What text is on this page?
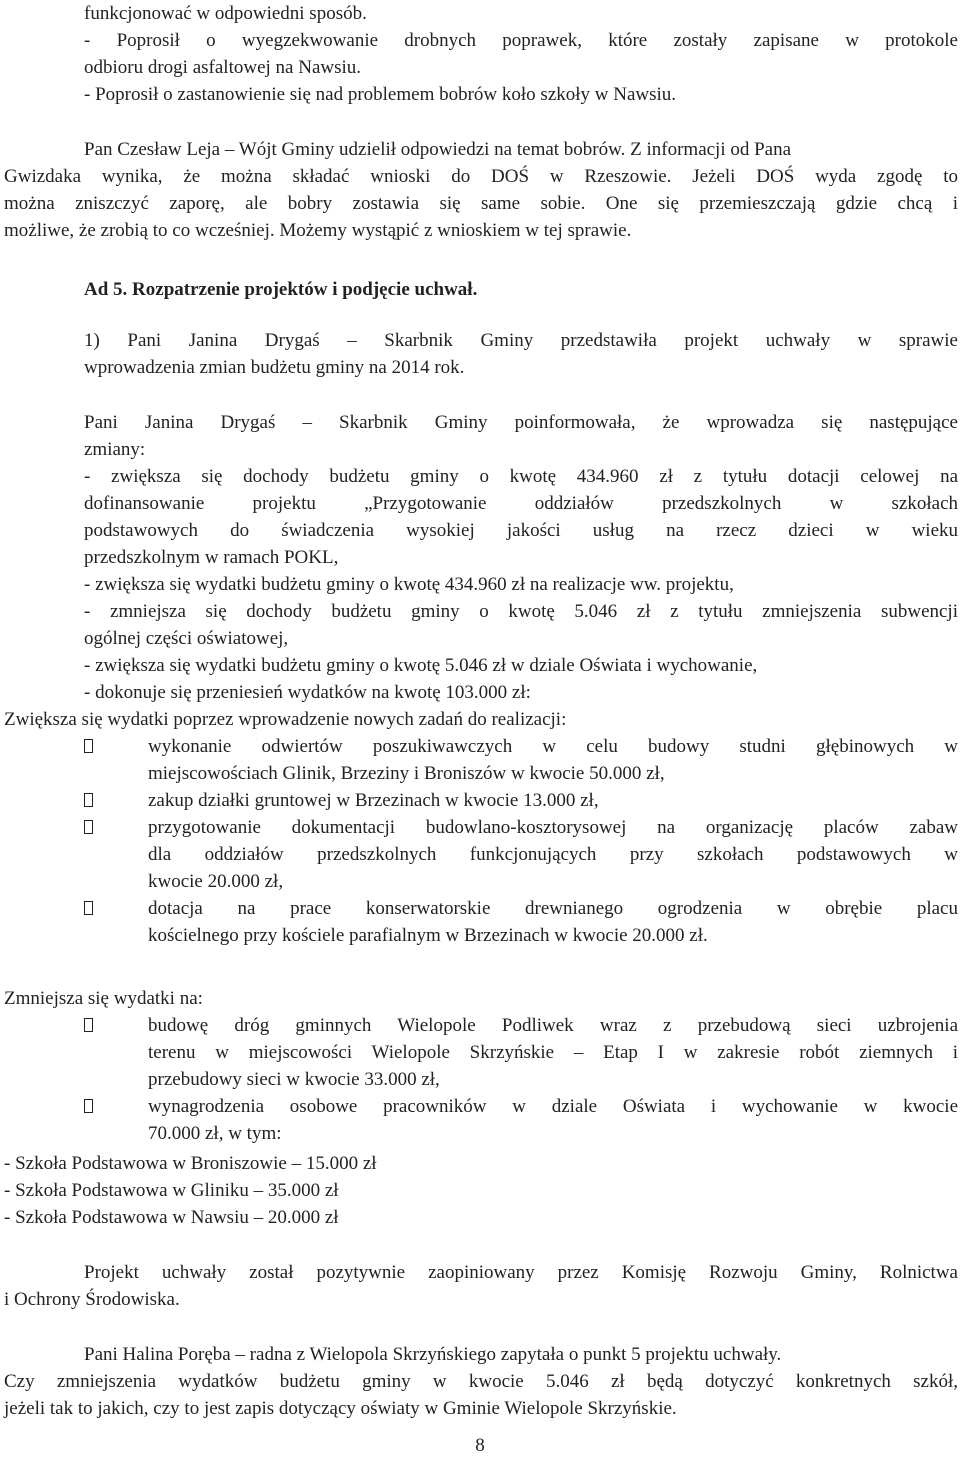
funkcjonować w odpowiedni sposób.
- Poprosił o wyegzekwowanie drobnych poprawek, które zostały zapisane w protokole
odbioru drogi asfaltowej na Nawsiu.
- Poprosił o zastanowienie się nad problemem bobrów koło szkoły w Nawsiu.
Pan Czesław Leja – Wójt Gminy udzielił odpowiedzi na temat bobrów. Z informacji od Pana
Gwizdaka wynika, że można składać wnioski do DOŚ w Rzeszowie. Jeżeli DOŚ wyda zgodę to
można zniszczyć zaporę, ale bobry zostawia się same sobie. One się przemieszczają gdzie chcą i
możliwe, że zrobią to co wcześniej. Możemy wystąpić z wnioskiem w tej sprawie.
Ad 5. Rozpatrzenie projektów i podjęcie uchwał.
1) Pani Janina Drygaś – Skarbnik Gminy przedstawiła projekt uchwały w sprawie
wprowadzenia zmian budżetu gminy na 2014 rok.
Pani Janina Drygaś – Skarbnik Gminy poinformowała, że wprowadza się następujące
zmiany:
- zwiększa się dochody budżetu gminy o kwotę 434.960 zł z tytułu dotacji celowej na
dofinansowanie projektu „Przygotowanie oddziałów przedszkolnych w szkołach
podstawowych do świadczenia wysokiej jakości usług na rzecz dzieci w wieku
przedszkolnym w ramach POKL,
- zwiększa się wydatki budżetu gminy o kwotę 434.960 zł na realizacje ww. projektu,
- zmniejsza się dochody budżetu gminy o kwotę 5.046 zł z tytułu zmniejszenia subwencji
ogólnej części oświatowej,
- zwiększa się wydatki budżetu gminy o kwotę 5.046 zł w dziale Oświata i wychowanie,
- dokonuje się przeniesień wydatków na kwotę 103.000 zł:
Zwiększa się wydatki poprzez wprowadzenie nowych zadań do realizacji:
wykonanie odwiertów poszukiwawczych w celu budowy studni głębinowych w
miejscowościach Glinik, Brzeziny i Broniszów w kwocie 50.000 zł,
zakup działki gruntowej w Brzezinach w kwocie 13.000 zł,
przygotowanie dokumentacji budowlano-kosztorysowej na organizację placów zabaw
dla oddziałów przedszkolnych funkcjonujących przy szkołach podstawowych w
kwocie 20.000 zł,
dotacja na prace konserwatorskie drewnianego ogrodzenia w obrębie placu
kościelnego przy kościele parafialnym w Brzezinach w kwocie 20.000 zł.
Zmniejsza się wydatki na:
budowę dróg gminnych Wielopole Podliwek wraz z przebudową sieci uzbrojenia
terenu w miejscowości Wielopole Skrzyńskie – Etap I w zakresie robót ziemnych i
przebudowy sieci w kwocie 33.000 zł,
wynagrodzenia osobowe pracowników w dziale Oświata i wychowanie w kwocie
70.000 zł, w tym:
- Szkoła Podstawowa w Broniszowie – 15.000 zł
- Szkoła Podstawowa w Gliniku – 35.000 zł
- Szkoła Podstawowa w Nawsiu – 20.000 zł
Projekt uchwały został pozytywnie zaopiniowany przez Komisję Rozwoju Gminy, Rolnictwa
i Ochrony Środowiska.
Pani Halina Poręba – radna z Wielopola Skrzyńskiego zapytała o punkt 5 projektu uchwały.
Czy zmniejszenia wydatków budżetu gminy w kwocie 5.046 zł będą dotyczyć konkretnych szkół,
jeżeli tak to jakich, czy to jest zapis dotyczący oświaty w Gminie Wielopole Skrzyńskie.
8
